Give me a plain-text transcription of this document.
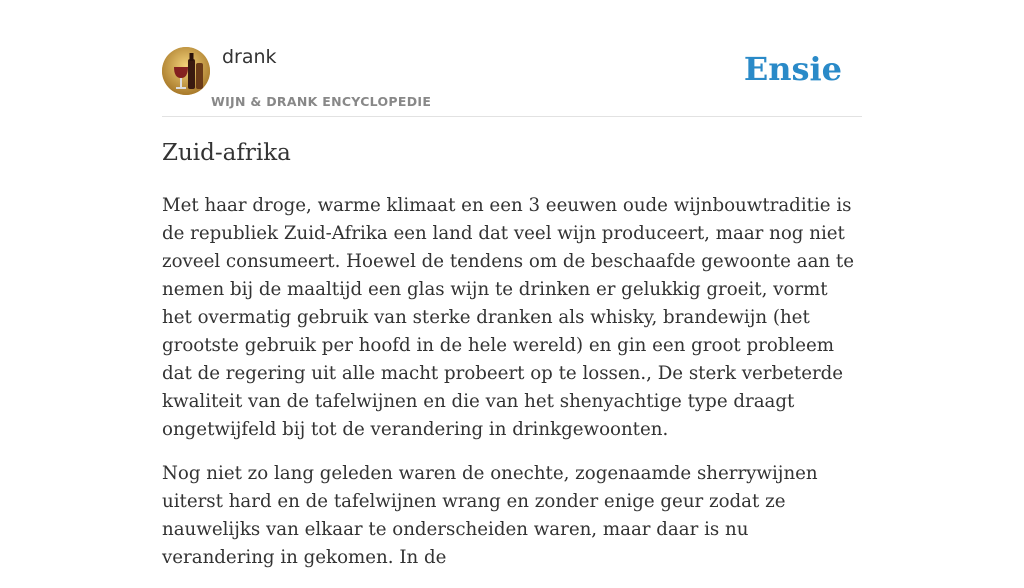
drank
WIJN & DRANK ENCYCLOPEDIE
Ensie
Zuid-afrika

Met haar droge, warme klimaat en een 3 eeuwen oude wijnbouwtraditie is de republiek Zuid-Afrika een land dat veel wijn produceert, maar nog niet zoveel consumeert. Hoewel de tendens om de beschaafde gewoonte aan te nemen bij de maaltijd een glas wijn te drinken er gelukkig groeit, vormt het overmatig gebruik van sterke dranken als whisky, brandewijn (het grootste gebruik per hoofd in de hele wereld) en gin een groot probleem dat de regering uit alle macht probeert op te lossen., De sterk verbeterde kwaliteit van de tafelwijnen en die van het shenyachtige type draagt ongetwijfeld bij tot de verandering in drinkgewoonten.

Nog niet zo lang geleden waren de onechte, zogenaamde sherrywijnen uiterst hard en de tafelwijnen wrang en zonder enige geur zodat ze nauwelijks van elkaar te onderscheiden waren, maar daar is nu verandering in gekomen. In de
